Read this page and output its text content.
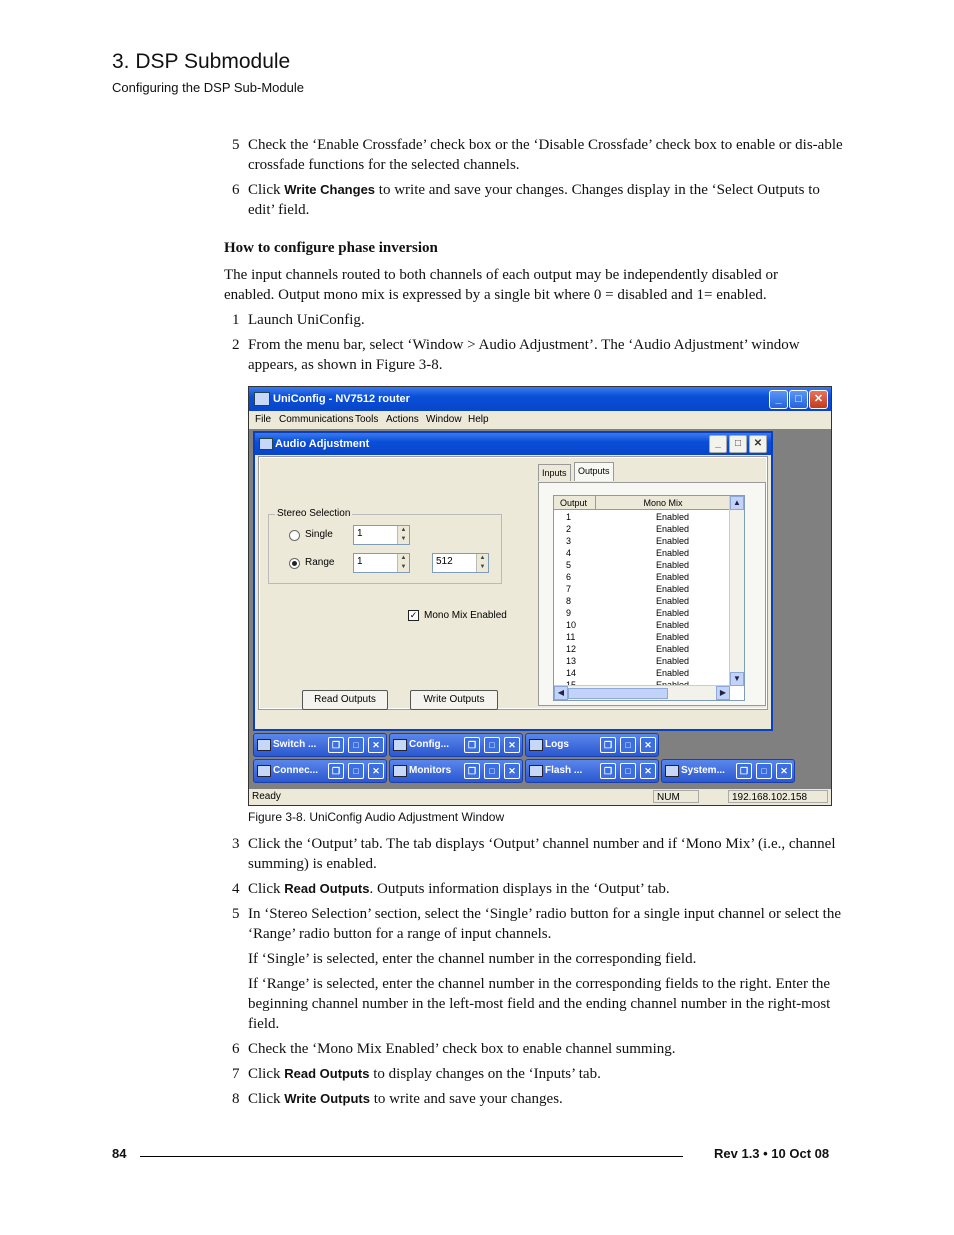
3. DSP Submodule
Configuring the DSP Sub-Module
5 Check the ‘Enable Crossfade’ check box or the ‘Disable Crossfade’ check box to enable or dis-able crossfade functions for the selected channels.
6 Click Write Changes to write and save your changes. Changes display in the ‘Select Outputs to edit’ field.
How to configure phase inversion
The input channels routed to both channels of each output may be independently disabled or enabled. Output mono mix is expressed by a single bit where 0 = disabled and 1= enabled.
1 Launch UniConfig.
2 From the menu bar, select ‘Window > Audio Adjustment’. The ‘Audio Adjustment’ window appears, as shown in Figure 3-8.
UniConfig - NV7512 router	_	□	✕
File Communications Tools Actions Window Help
Audio Adjustment	_	□	✕
Stereo Selection
Single 1	▲
▼
Range 1	▲
▼	512	▲
▼
✓ Mono Mix Enabled
Read Outputs	Write Outputs
Inputs	Outputs
Output	Mono Mix
1	Enabled
2	Enabled
3	Enabled
4	Enabled
5	Enabled
6	Enabled
7	Enabled
8	Enabled
9	Enabled
10	Enabled
11	Enabled
12	Enabled
13	Enabled
14	Enabled
▲
▼
◀	▶
Switch ...	❐	□	✕	Config...	❐	□	✕	Logs	❐	□	✕
Connec...	❐	□	✕	Monitors	❐	□	✕	Flash ...	❐	□	✕	System...	❐	□	✕
Ready	NUM	192.168.102.158
Figure 3-8. UniConfig Audio Adjustment Window
3 Click the ‘Output’ tab. The tab displays ‘Output’ channel number and if ‘Mono Mix’ (i.e., channel summing) is enabled.
4 Click Read Outputs. Outputs information displays in the ‘Output’ tab.
5 In ‘Stereo Selection’ section, select the ‘Single’ radio button for a single input channel or select the ‘Range’ radio button for a range of input channels.
If ‘Single’ is selected, enter the channel number in the corresponding field.
If ‘Range’ is selected, enter the channel number in the corresponding fields to the right. Enter the beginning channel number in the left-most field and the ending channel number in the right-most field.
6 Check the ‘Mono Mix Enabled’ check box to enable channel summing.
7 Click Read Outputs to display changes on the ‘Inputs’ tab.
8 Click Write Outputs to write and save your changes.
84	Rev 1.3 • 10 Oct 08
